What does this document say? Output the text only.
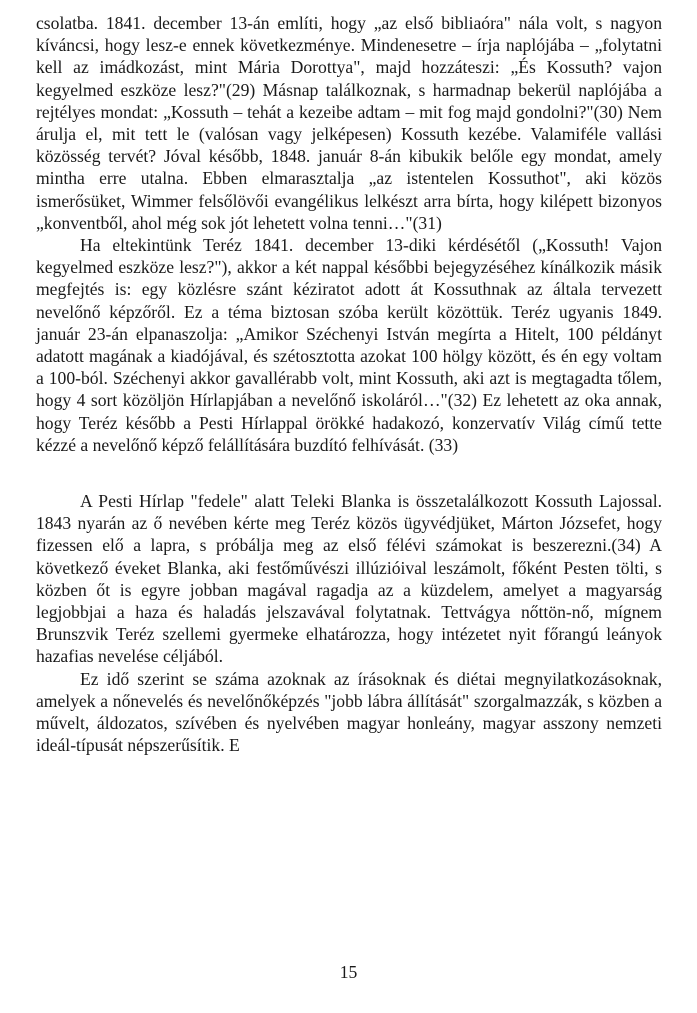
csolatba. 1841. december 13-án említi, hogy „az első bibliaóra" nála volt, s nagyon kíváncsi, hogy lesz-e ennek következménye. Mindenesetre – írja naplójába – „folytatni kell az imádkozást, mint Mária Dorottya", majd hozzáteszi: „És Kossuth? vajon kegyelmed eszköze lesz?"(29) Másnap találkoznak, s harmadnap bekerül naplójába a rejtélyes mondat: „Kossuth – tehát a kezeibe adtam – mit fog majd gondolni?"(30) Nem árulja el, mit tett le (valósan vagy jelképesen) Kossuth kezébe. Valamiféle vallási közösség tervét? Jóval később, 1848. január 8-án kibukik belőle egy mondat, amely mintha erre utalna. Ebben elmarasztalja „az istentelen Kossuthot", aki közös ismerősüket, Wimmer felsőlövői evangélikus lelkészt arra bírta, hogy kilépett bizonyos „konventből, ahol még sok jót lehetett volna tenni…"(31)

Ha eltekintünk Teréz 1841. december 13-diki kérdésétől („Kossuth! Vajon kegyelmed eszköze lesz?"), akkor a két nappal későbbi bejegyzéséhez kínálkozik másik megfejtés is: egy közlésre szánt kéziratot adott át Kossuthnak az általa tervezett nevelőnő képzőről. Ez a téma biztosan szóba került közöttük. Teréz ugyanis 1849. január 23-án elpanaszolja: „Amikor Széchenyi István megírta a Hitelt, 100 példányt adatott magának a kiadójával, és szétosztotta azokat 100 hölgy között, és én egy voltam a 100-ból. Széchenyi akkor gavallérabb volt, mint Kossuth, aki azt is megtagadta tőlem, hogy 4 sort közöljön Hírlapjában a nevelőnő iskoláról…"(32) Ez lehetett az oka annak, hogy Teréz később a Pesti Hírlappal örökké hadakozó, konzervatív Világ című tette kézzé a nevelőnő képző felállítására buzdító felhívását. (33)

A Pesti Hírlap "fedele" alatt Teleki Blanka is összetalálkozott Kossuth Lajossal. 1843 nyarán az ő nevében kérte meg Teréz közös ügyvédjüket, Márton Józsefet, hogy fizessen elő a lapra, s próbálja meg az első félévi számokat is beszerezni.(34) A következő éveket Blanka, aki festőművészi illúzióival leszámolt, főként Pesten tölti, s közben őt is egyre jobban magával ragadja az a küzdelem, amelyet a magyarság legjobbjai a haza és haladás jelszavával folytatnak. Tettvágya nőttön-nő, mígnem Brunszvik Teréz szellemi gyermeke elhatározza, hogy intézetet nyit főrangú leányok hazafias nevelése céljából.

Ez idő szerint se száma azoknak az írásoknak és diétai megnyilatkozásoknak, amelyek a nőnevelés és nevelőnőképzés "jobb lábra állítását" szorgalmazzák, s közben a művelt, áldozatos, szívében és nyelvében magyar honleány, magyar asszony nemzeti ideál-típusát népszerűsítik. E

15
